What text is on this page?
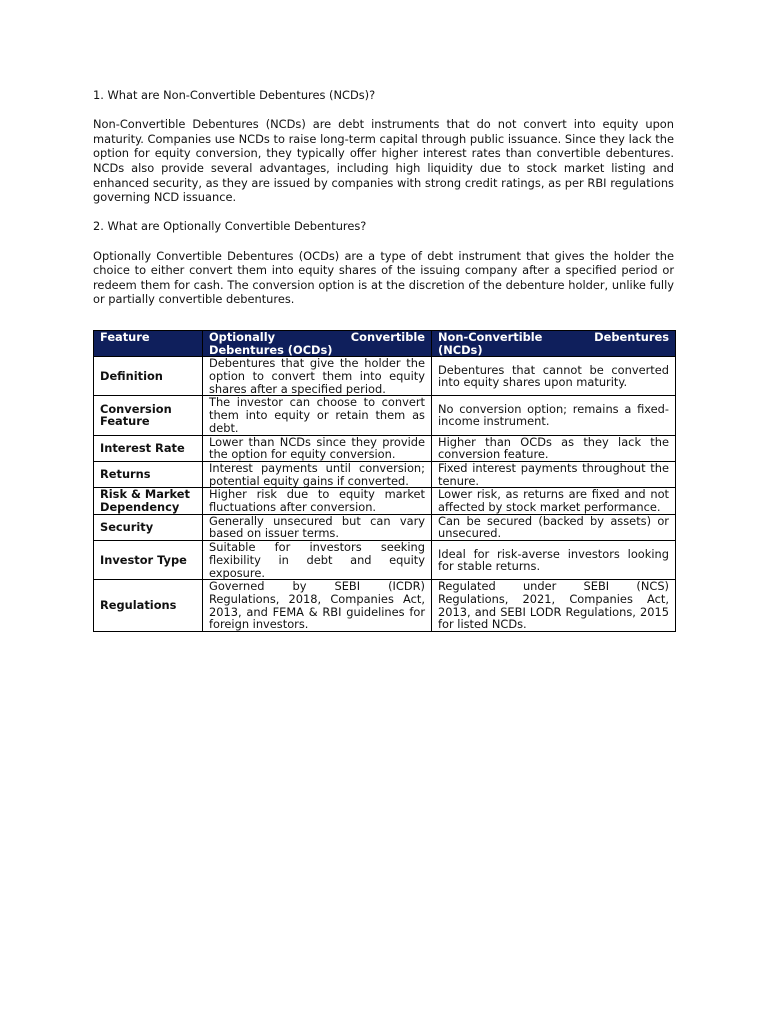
1. What are Non-Convertible Debentures (NCDs)?

Non-Convertible Debentures (NCDs) are debt instruments that do not convert into equity upon maturity. Companies use NCDs to raise long-term capital through public issuance. Since they lack the option for equity conversion, they typically offer higher interest rates than convertible debentures. NCDs also provide several advantages, including high liquidity due to stock market listing and enhanced security, as they are issued by companies with strong credit ratings, as per RBI regulations governing NCD issuance.

2. What are Optionally Convertible Debentures?

Optionally Convertible Debentures (OCDs) are a type of debt instrument that gives the holder the choice to either convert them into equity shares of the issuing company after a specified period or redeem them for cash. The conversion option is at the discretion of the debenture holder, unlike fully or partially convertible debentures.

Feature	Optionally Convertible Debentures (OCDs)	Non-Convertible Debentures (NCDs)
Definition	Debentures that give the holder the option to convert them into equity shares after a specified period.	Debentures that cannot be converted into equity shares upon maturity.
Conversion Feature	The investor can choose to convert them into equity or retain them as debt.	No conversion option; remains a fixed-income instrument.
Interest Rate	Lower than NCDs since they provide the option for equity conversion.	Higher than OCDs as they lack the conversion feature.
Returns	Interest payments until conversion; potential equity gains if converted.	Fixed interest payments throughout the tenure.
Risk & Market Dependency	Higher risk due to equity market fluctuations after conversion.	Lower risk, as returns are fixed and not affected by stock market performance.
Security	Generally unsecured but can vary based on issuer terms.	Can be secured (backed by assets) or unsecured.
Investor Type	Suitable for investors seeking flexibility in debt and equity exposure.	Ideal for risk-averse investors looking for stable returns.
Regulations	Governed by SEBI (ICDR) Regulations, 2018, Companies Act, 2013, and FEMA & RBI guidelines for foreign investors.	Regulated under SEBI (NCS) Regulations, 2021, Companies Act, 2013, and SEBI LODR Regulations, 2015 for listed NCDs.
